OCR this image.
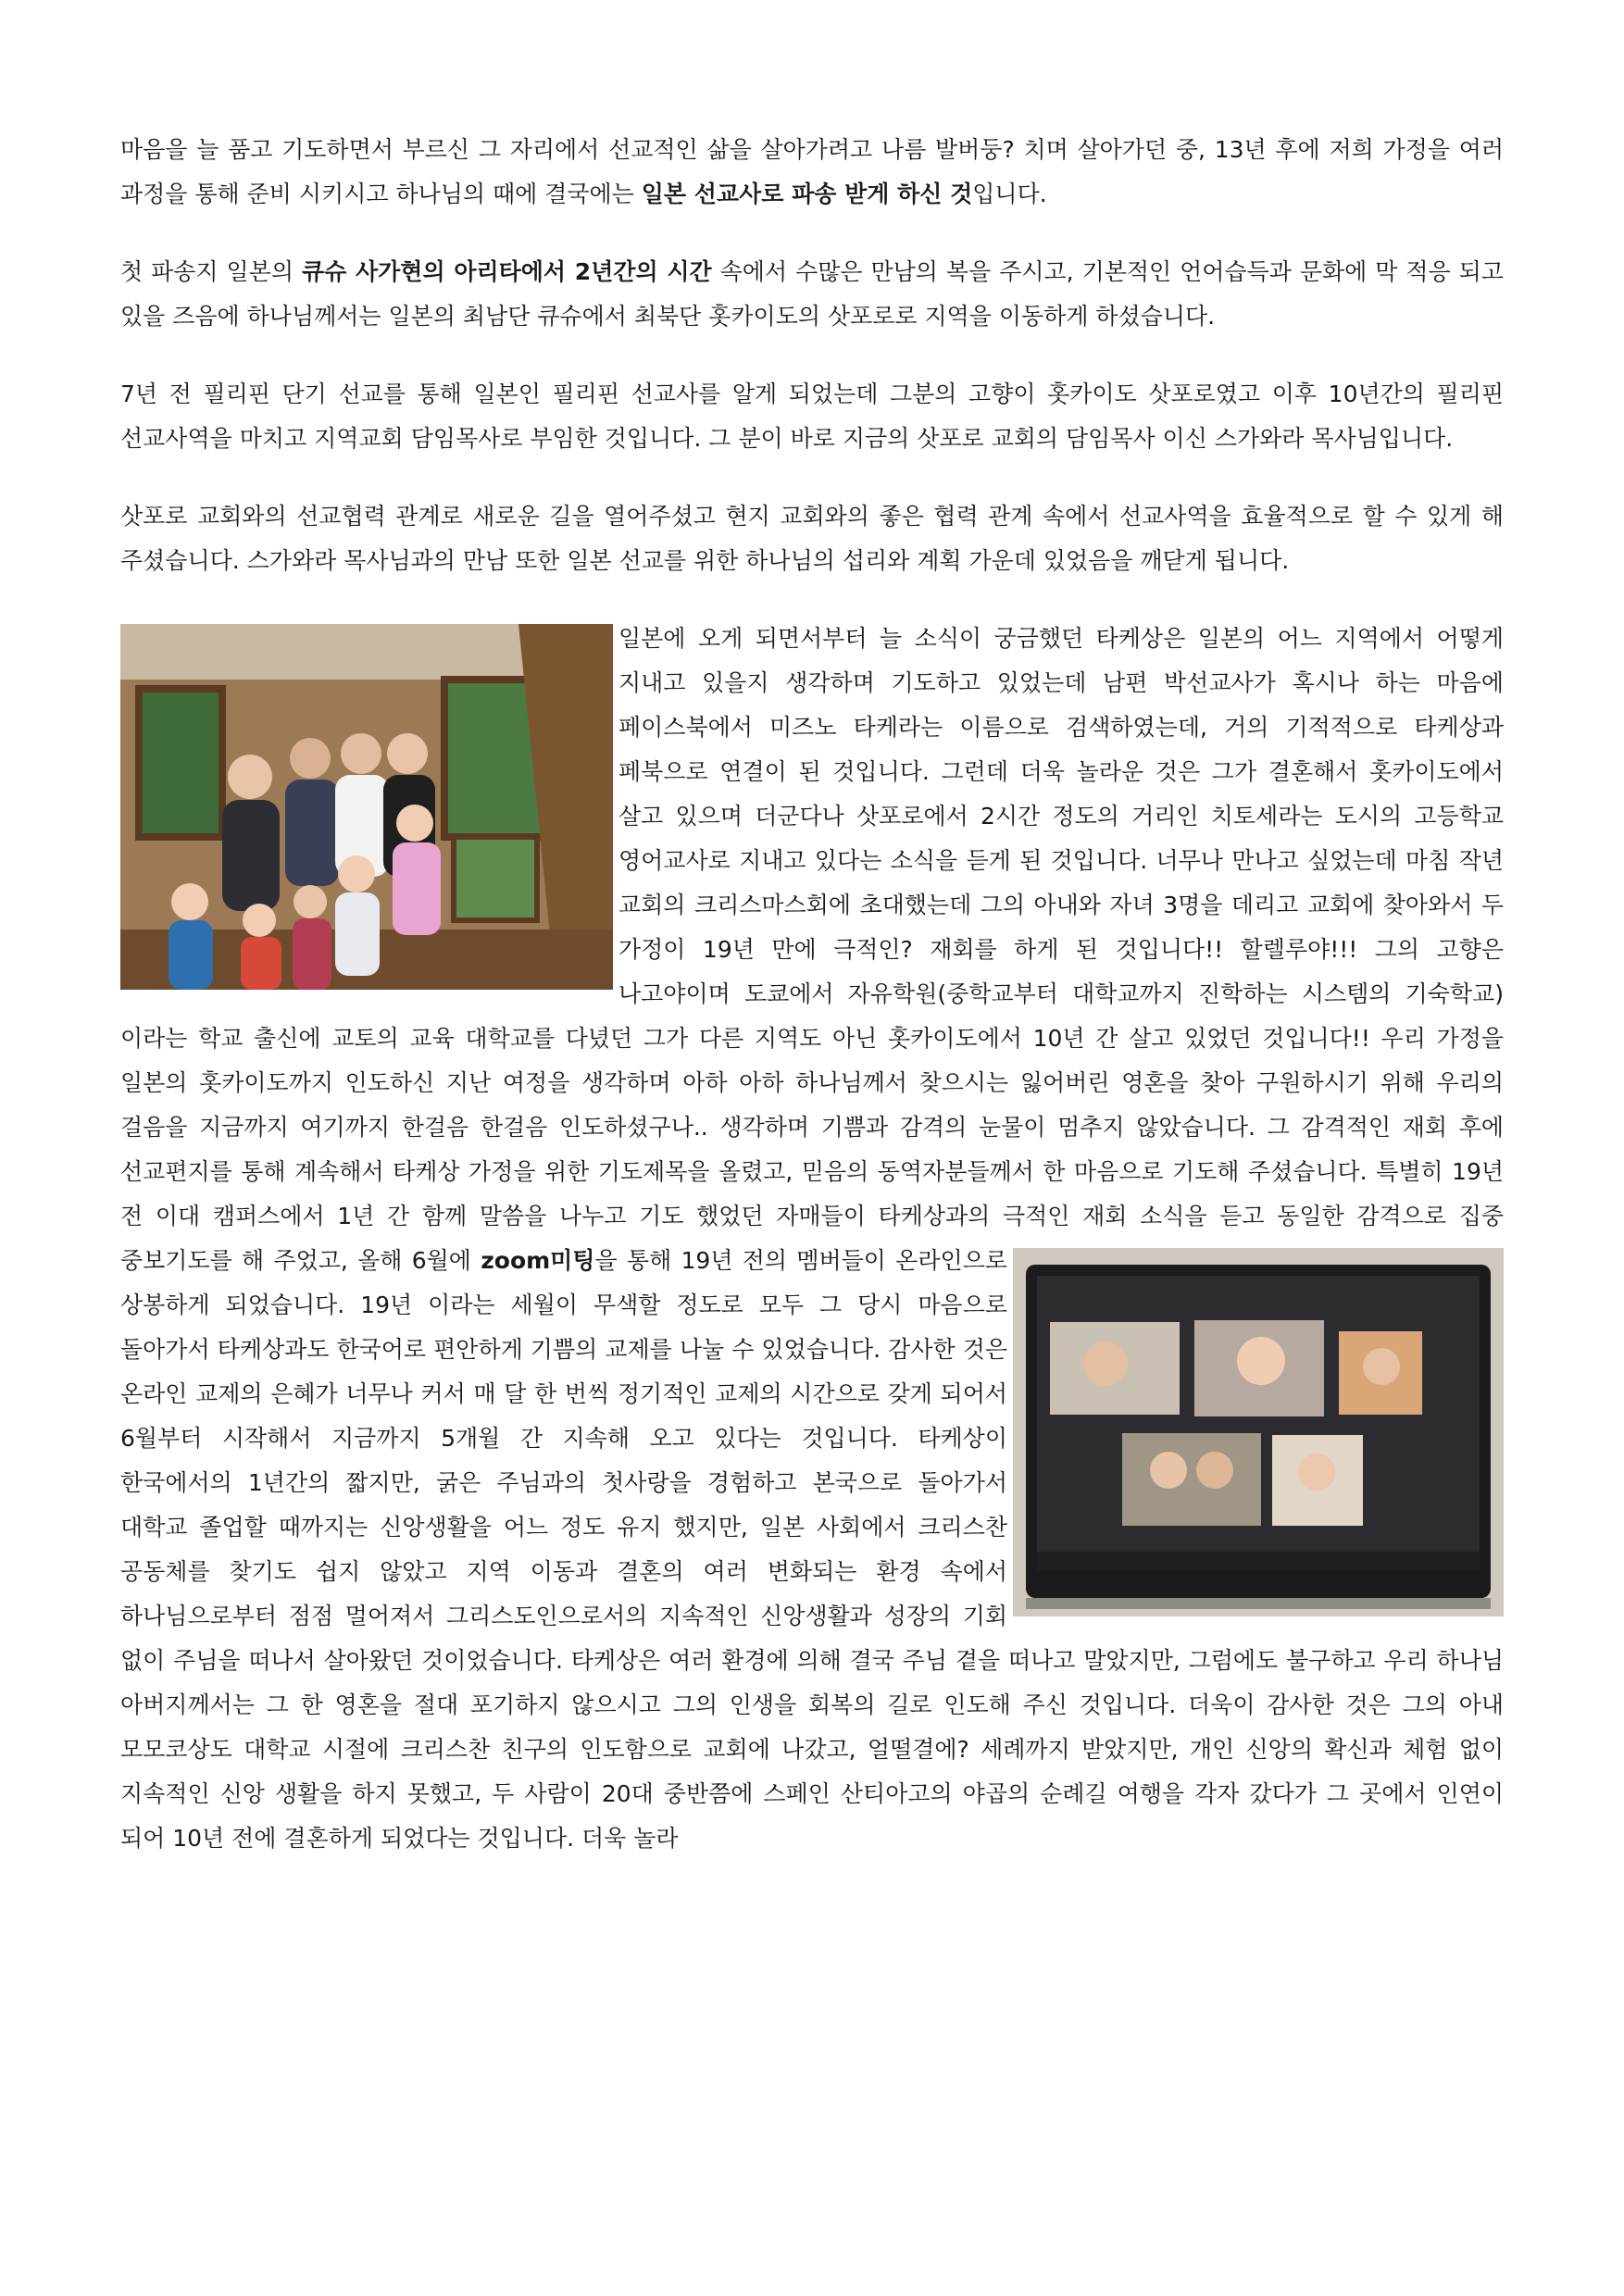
마음을 늘 품고 기도하면서 부르신 그 자리에서 선교적인 삶을 살아가려고 나름 발버둥? 치며 살아가던 중, 13년 후에 저희 가정을 여러 과정을 통해 준비 시키시고 하나님의 때에 결국에는 일본 선교사로 파송 받게 하신 것입니다.

첫 파송지 일본의 큐슈 사가현의 아리타에서 2년간의 시간 속에서 수많은 만남의 복을 주시고, 기본적인 언어습득과 문화에 막 적응 되고 있을 즈음에 하나님께서는 일본의 최남단 큐슈에서 최북단 홋카이도의 삿포로로 지역을 이동하게 하셨습니다.

7년 전 필리핀 단기 선교를 통해 일본인 필리핀 선교사를 알게 되었는데 그분의 고향이 홋카이도 삿포로였고 이후 10년간의 필리핀 선교사역을 마치고 지역교회 담임목사로 부임한 것입니다. 그 분이 바로 지금의 삿포로 교회의 담임목사 이신 스가와라 목사님입니다.

삿포로 교회와의 선교협력 관계로 새로운 길을 열어주셨고 현지 교회와의 좋은 협력 관계 속에서 선교사역을 효율적으로 할 수 있게 해 주셨습니다. 스가와라 목사님과의 만남 또한 일본 선교를 위한 하나님의 섭리와 계획 가운데 있었음을 깨닫게 됩니다.

일본에 오게 되면서부터 늘 소식이 궁금했던 타케상은 일본의 어느 지역에서 어떻게 지내고 있을지 생각하며 기도하고 있었는데 남편 박선교사가 혹시나 하는 마음에 페이스북에서 미즈노 타케라는 이름으로 검색하였는데, 거의 기적적으로 타케상과 페북으로 연결이 된 것입니다. 그런데 더욱 놀라운 것은 그가 결혼해서 홋카이도에서 살고 있으며 더군다나 삿포로에서 2시간 정도의 거리인 치토세라는 도시의 고등학교 영어교사로 지내고 있다는 소식을 듣게 된 것입니다. 너무나 만나고 싶었는데 마침 작년 교회의 크리스마스회에 초대했는데 그의 아내와 자녀 3명을 데리고 교회에 찾아와서 두 가정이 19년 만에 극적인? 재회를 하게 된 것입니다!! 할렐루야!!! 그의 고향은 나고야이며 도쿄에서 자유학원(중학교부터 대학교까지 진학하는 시스템의 기숙학교)이라는 학교 출신에 교토의 교육 대학교를 다녔던 그가 다른 지역도 아닌 홋카이도에서 10년 간 살고 있었던 것입니다!! 우리 가정을 일본의 홋카이도까지 인도하신 지난 여정을 생각하며 아하 아하 하나님께서 찾으시는 잃어버린 영혼을 찾아 구원하시기 위해 우리의 걸음을 지금까지 여기까지 한걸음 한걸음 인도하셨구나.. 생각하며 기쁨과 감격의 눈물이 멈추지 않았습니다. 그 감격적인 재회 후에 선교편지를 통해 계속해서 타케상 가정을 위한 기도제목을 올렸고, 믿음의 동역자분들께서 한 마음으로 기도해 주셨습니다. 특별히 19년 전 이대 캠퍼스에서 1년 간 함께 말씀을 나누고 기도 했었던 자매들이 타케상과의 극적인 재회 소식을 듣고 동일한 감격으로 집중 중보기도를 해 주었고, 올해 6월에
zoom미팅을 통해 19년 전의 멤버들이 온라인으로 상봉하게 되었습니다. 19년 이라는 세월이 무색할 정도로 모두 그 당시 마음으로 돌아가서 타케상과도 한국어로 편안하게 기쁨의 교제를 나눌 수 있었습니다. 감사한 것은 온라인 교제의 은혜가 너무나 커서 매 달 한 번씩 정기적인 교제의 시간으로 갖게 되어서 6월부터 시작해서 지금까지 5개월 간 지속해 오고 있다는 것입니다. 타케상이 한국에서의 1년간의 짧지만, 굵은 주님과의 첫사랑을 경험하고 본국으로 돌아가서 대학교 졸업할 때까지는 신앙생활을 어느 정도 유지 했지만, 일본 사회에서 크리스찬 공동체를 찾기도 쉽지 않았고 지역 이동과 결혼의 여러 변화되는 환경 속에서 하나님으로부터 점점 멀어져서 그리스도인으로서의 지속적인 신앙생활과 성장의 기회 없이 주님을 떠나서 살아왔던 것이었습니다. 타케상은 여러 환경에 의해 결국 주님 곁을 떠나고 말았지만, 그럼에도 불구하고 우리 하나님 아버지께서는 그 한 영혼을 절대 포기하지 않으시고 그의 인생을 회복의 길로 인도해 주신 것입니다. 더욱이 감사한 것은 그의 아내 모모코상도 대학교 시절에 크리스찬 친구의 인도함으로 교회에 나갔고, 얼떨결에? 세례까지 받았지만, 개인 신앙의 확신과 체험 없이 지속적인 신앙 생활을 하지 못했고, 두 사람이 20대 중반쯤에 스페인 산티아고의 야곱의 순례길 여행을 각자 갔다가 그 곳에서 인연이 되어 10년 전에 결혼하게 되었다는 것입니다. 더욱 놀라
